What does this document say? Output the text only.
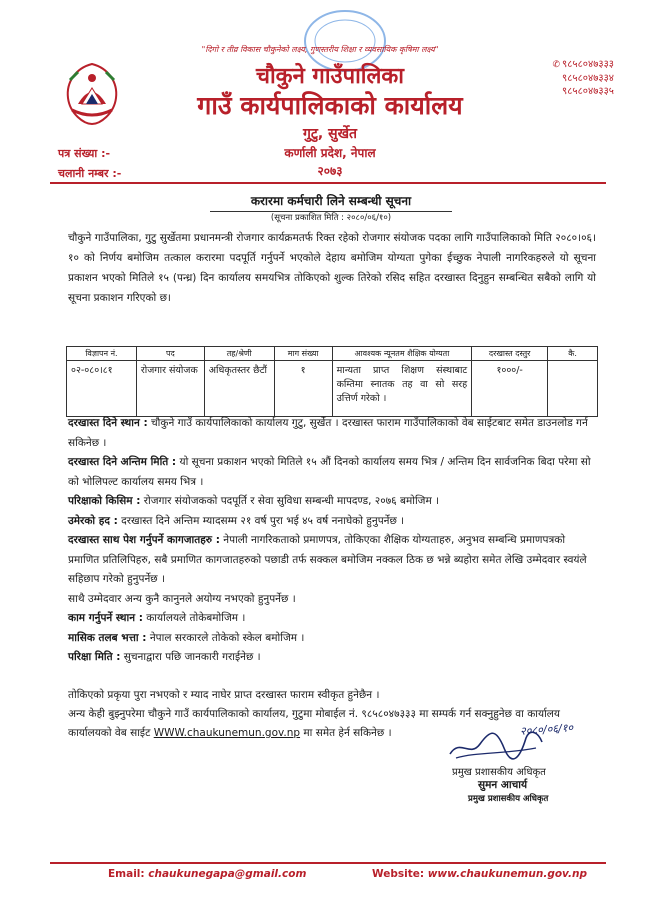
"दिगो र तीव्र विकास चौकुनेको लक्ष्य, गुणस्तरीय शिक्षा र व्यवसायिक कृषिमा लक्ष्य"
✆ ९८५८०४७३३३
९८५८०४७३३४
९८५८०४७३३५
चौकुने गाउँपालिका
गाउँ कार्यपालिकाको कार्यालय
गुटु, सुर्खेत
कर्णाली प्रदेश, नेपाल
२०७३
पत्र संख्या :-
चलानी नम्बर :-
करारमा कर्मचारी लिने सम्बन्धी सूचना
(सूचना प्रकाशित मिति : २०८०/०६/१०)
चौकुने गाउँपालिका, गुटु सुर्खेतमा प्रधानमन्त्री रोजगार कार्यक्रमतर्फ रिक्त रहेको रोजगार संयोजक पदका लागि गाउँपालिकाको मिति २०८०।०६।१० को निर्णय बमोजिम तत्काल करारमा पदपूर्ति गर्नुपर्ने भएकोले देहाय बमोजिम योग्यता पुगेका ईच्छुक नेपाली नागरिकहरुले यो सूचना प्रकाशन भएको मितिले १५ (पन्ध्र) दिन कार्यालय समयभित्र तोकिएको शुल्क तिरेको रसिद सहित दरखास्त दिनुहुन सम्बन्धित सबैको लागि यो सूचना प्रकाशन गरिएको छ।
विज्ञापन नं.	पद	तह/श्रेणी	माग संख्या	आवश्यक न्यूनतम शैक्षिक योग्यता	दरखास्त दस्तुर	कै.
०२-०८०।८१	रोजगार संयोजक	अधिकृतस्तर छैटौं	१	मान्यता प्राप्त शिक्षण संस्थाबाट कम्तिमा स्नातक तह वा सो सरह उत्तिर्ण गरेको ।	१०००/-	
दरखास्त दिने स्थान : चौकुने गाउँ कार्यपालिकाको कार्यालय गुटु, सुर्खेत । दरखास्त फाराम गाउँपालिकाको वेब साईटबाट समेत डाउनलोड गर्न सकिनेछ ।
दरखास्त दिने अन्तिम मिति : यो सूचना प्रकाशन भएको मितिले १५ औं दिनको कार्यालय समय भित्र / अन्तिम दिन सार्वजनिक बिदा परेमा सो को भोलिपल्ट कार्यालय समय भित्र ।
परिक्षाको किसिम : रोजगार संयोजकको पदपूर्ति र सेवा सुविधा सम्बन्धी मापदण्ड, २०७६ बमोजिम ।
उमेरको हद : दरखास्त दिने अन्तिम म्यादसम्म २१ वर्ष पुरा भई ४५ वर्ष ननाघेको हुनुपर्नेछ ।
दरखास्त साथ पेश गर्नुपर्ने कागजातहरु : नेपाली नागरिकताको प्रमाणपत्र, तोकिएका शैक्षिक योग्यताहरु, अनुभव सम्बन्धि प्रमाणपत्रको प्रमाणित प्रतिलिपिहरु, सबै प्रमाणित कागजातहरुको पछाडी तर्फ सक्कल बमोजिम नक्कल ठिक छ भन्ने ब्यहोरा समेत लेखि उम्मेदवार स्वयंले सहिछाप गरेको हुनुपर्नेछ ।
साथै उम्मेदवार अन्य कुनै कानुनले अयोग्य नभएको हुनुपर्नेछ ।
काम गर्नुपर्ने स्थान : कार्यालयले तोकेबमोजिम ।
मासिक तलब भत्ता : नेपाल सरकारले तोकेको स्केल बमोजिम ।
परिक्षा मिति : सुचनाद्वारा पछि जानकारी गराईनेछ ।
तोकिएको प्रकृया पुरा नभएको र म्याद नाघेर प्राप्त दरखास्त फाराम स्वीकृत हुनेछैन ।
अन्य केही बुझ्नुपरेमा चौकुने गाउँ कार्यपालिकाको कार्यालय, गुटुमा मोबाईल नं. ९८५८०४७३३३ मा सम्पर्क गर्न सक्नुहुनेछ वा कार्यालय कार्यालयको वेब साईट WWW.chaukunemun.gov.np मा समेत हेर्न सकिनेछ ।	२०८०/०६/१०
प्रमुख प्रशासकीय अधिकृत
सुमन आचार्य
प्रमुख प्रशासकीय अधिकृत
Email: chaukunegapa@gmail.com	Website: www.chaukunemun.gov.np
